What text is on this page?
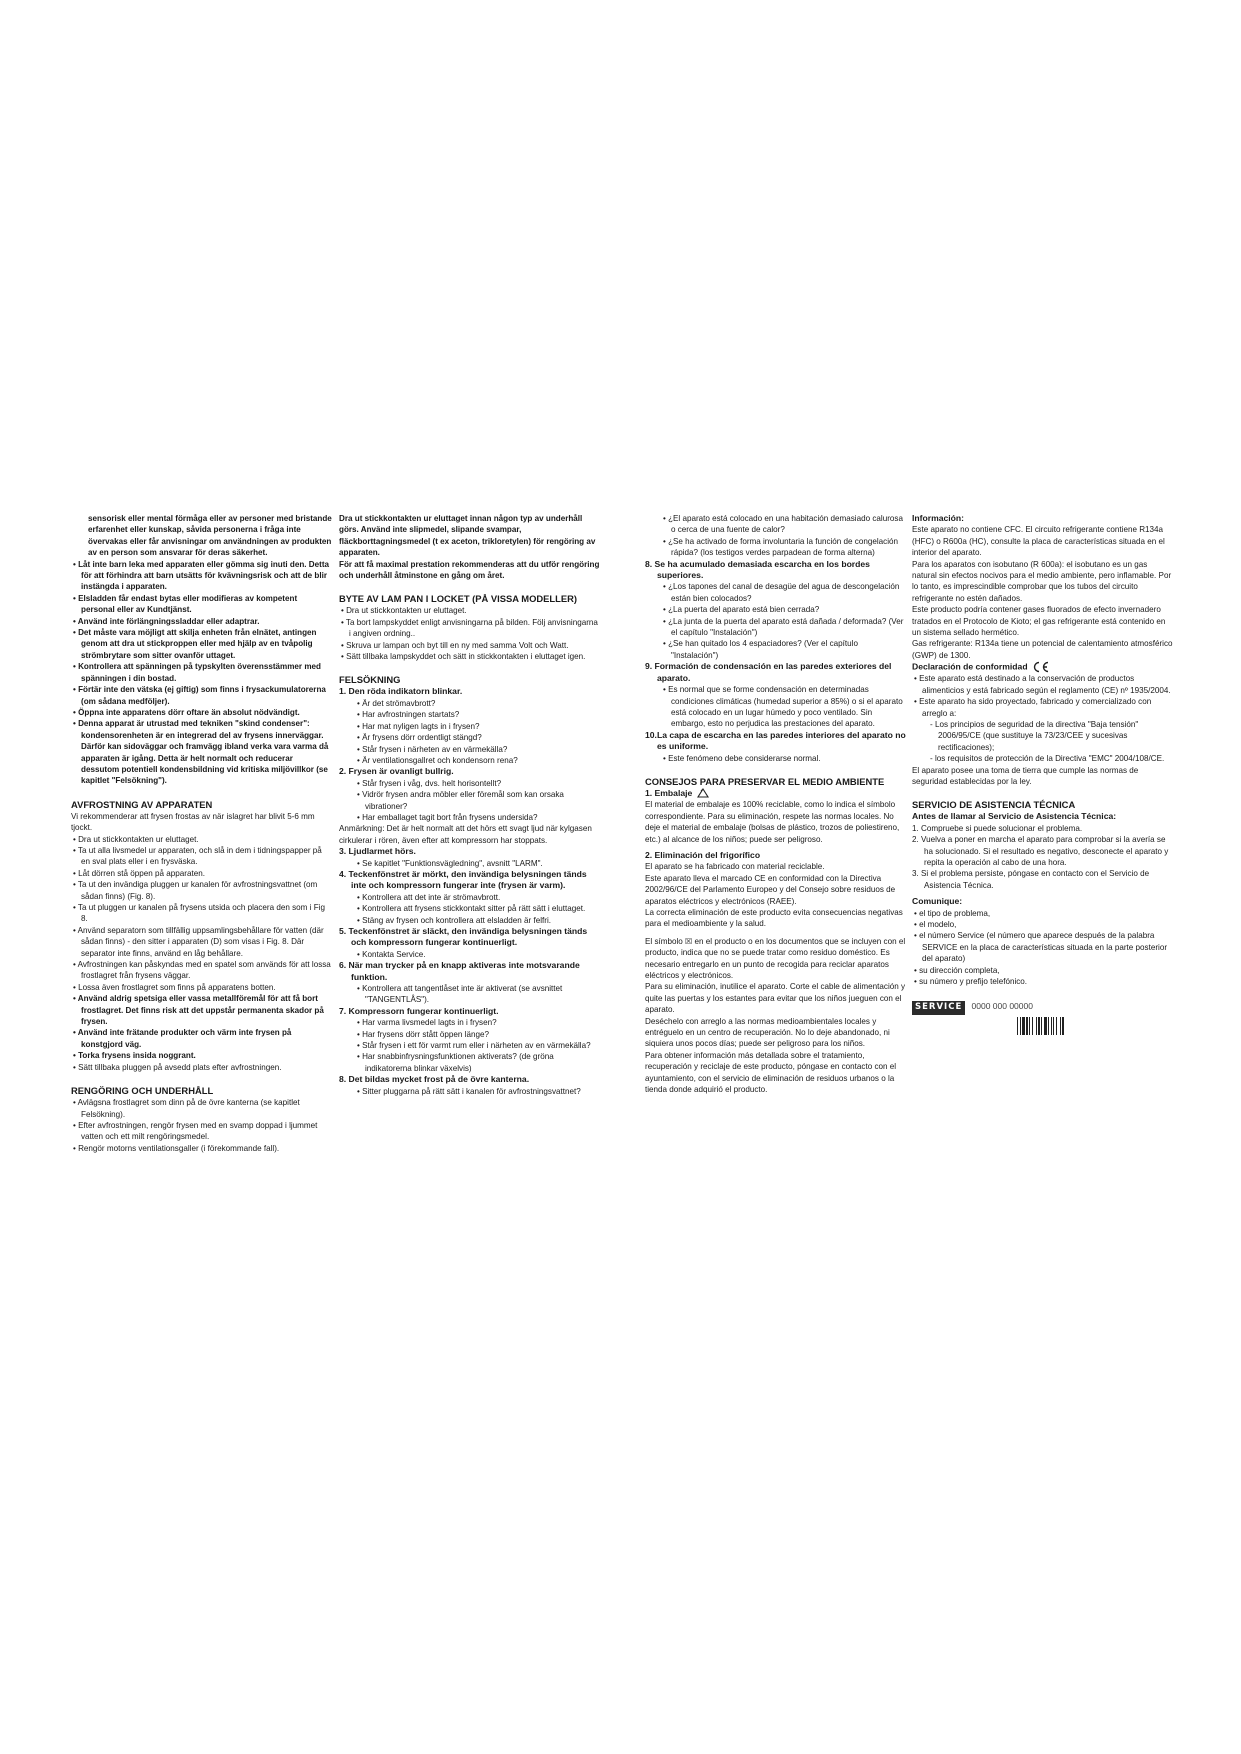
sensorisk eller mental förmåga eller av personer med bristande erfarenhet eller kunskap, såvida personerna i fråga inte övervakas eller får anvisningar om användningen av produkten av en person som ansvarar för deras säkerhet.

• Låt inte barn leka med apparaten eller gömma sig inuti den. Detta för att förhindra att barn utsätts för kvävningsrisk och att de blir instängda i apparaten.

• Elsladden får endast bytas eller modifieras av kompetent personal eller av Kundtjänst.

• Använd inte förlängningssladdar eller adaptrar.

• Det måste vara möjligt att skilja enheten från elnätet, antingen genom att dra ut stickproppen eller med hjälp av en tvåpolig strömbrytare som sitter ovanför uttaget.

• Kontrollera att spänningen på typskylten överensstämmer med spänningen i din bostad.

• Förtär inte den vätska (ej giftig) som finns i frysackumulatorerna (om sådana medföljer).

• Öppna inte apparatens dörr oftare än absolut nödvändigt.

• Denna apparat är utrustad med tekniken "skind condenser": kondensorenheten är en integrerad del av frysens innerväggar. Därför kan sidoväggar och framvägg ibland verka vara varma då apparaten är igång. Detta är helt normalt och reducerar dessutom potentiell kondensbildning vid kritiska miljövillkor (se kapitlet "Felsökning").

AVFROSTNING AV APPARATEN

Vi rekommenderar att frysen frostas av när islagret har blivit 5-6 mm tjockt.

• Dra ut stickkontakten ur eluttaget.

• Ta ut alla livsmedel ur apparaten, och slå in dem i tidningspapper på en sval plats eller i en frysväska.

• Låt dörren stå öppen på apparaten.

• Ta ut den invändiga pluggen ur kanalen för avfrostningsvattnet (om sådan finns) (Fig. 8).

• Ta ut pluggen ur kanalen på frysens utsida och placera den som i Fig 8.

• Använd separatorn som tillfällig uppsamlingsbehållare för vatten (där sådan finns) - den sitter i apparaten (D) som visas i Fig. 8. Där separator inte finns, använd en låg behållare.

• Avfrostningen kan påskyndas med en spatel som används för att lossa frostlagret från frysens väggar.

• Lossa även frostlagret som finns på apparatens botten.

• Använd aldrig spetsiga eller vassa metallföremål för att få bort frostlagret. Det finns risk att det uppstår permanenta skador på frysen.

• Använd inte frätande produkter och värm inte frysen på konstgjord väg.

• Torka frysens insida noggrant.

• Sätt tillbaka pluggen på avsedd plats efter avfrostningen.

RENGÖRING OCH UNDERHÅLL

• Avlägsna frostlagret som dinn på de övre kanterna (se kapitlet Felsökning).

• Efter avfrostningen, rengör frysen med en svamp doppad i ljummet vatten och ett milt rengöringsmedel.

• Rengör motorns ventilationsgaller (i förekommande fall).

Dra ut stickkontakten ur eluttaget innan någon typ av underhåll görs. Använd inte slipmedel, slipande svampar, fläckborttagningsmedel (t ex aceton, trikloretylen) för rengöring av apparaten.

För att få maximal prestation rekommenderas att du utför rengöring och underhåll åtminstone en gång om året.

BYTE AV LAM PAN I LOCKET (PÅ VISSA MODELLER)

• Dra ut stickkontakten ur eluttaget.

• Ta bort lampskyddet enligt anvisningarna på bilden. Följ anvisningarna i angiven ordning..

• Skruva ur lampan och byt till en ny med samma Volt och Watt.

• Sätt tillbaka lampskyddet och sätt in stickkontakten i eluttaget igen.

FELSÖKNING

1. Den röda indikatorn blinkar.

• Är det strömavbrott?

• Har avfrostningen startats?

• Har mat nyligen lagts in i frysen?

• Är frysens dörr ordentligt stängd?

• Står frysen i närheten av en värmekälla?

• Är ventilationsgallret och kondensorn rena?

2. Frysen är ovanligt bullrig.

• Står frysen i våg, dvs. helt horisontellt?

• Vidrör frysen andra möbler eller föremål som kan orsaka vibrationer?

• Har emballaget tagit bort från frysens undersida?

Anmärkning: Det är helt normalt att det hörs ett svagt ljud när kylgasen cirkulerar i rören, även efter att kompressorn har stoppats.

3. Ljudlarmet hörs.

• Se kapitlet "Funktionsvägledning", avsnitt "LARM".

4. Teckenfönstret är mörkt, den invändiga belysningen tänds inte och kompressorn fungerar inte (frysen är varm).

• Kontrollera att det inte är strömavbrott.

• Kontrollera att frysens stickkontakt sitter på rätt sätt i eluttaget.

• Stäng av frysen och kontrollera att elsladden är felfri.

5. Teckenfönstret är släckt, den invändiga belysningen tänds och kompressorn fungerar kontinuerligt.

• Kontakta Service.

6. När man trycker på en knapp aktiveras inte motsvarande funktion.

• Kontrollera att tangentlåset inte är aktiverat (se avsnittet "TANGENTLÅS").

7. Kompressorn fungerar kontinuerligt.

• Har varma livsmedel lagts in i frysen?

• Har frysens dörr stått öppen länge?

• Står frysen i ett för varmt rum eller i närheten av en värmekälla?

• Har snabbinfrysningsfunktionen aktiverats? (de gröna indikatorerna blinkar växelvis)

8. Det bildas mycket frost på de övre kanterna.

• Sitter pluggarna på rätt sätt i kanalen för avfrostningsvattnet?

• ¿El aparato está colocado en una habitación demasiado calurosa o cerca de una fuente de calor?

• ¿Se ha activado de forma involuntaria la función de congelación rápida? (los testigos verdes parpadean de forma alterna)

8. Se ha acumulado demasiada escarcha en los bordes superiores.

• ¿Los tapones del canal de desagüe del agua de descongelación están bien colocados?

• ¿La puerta del aparato está bien cerrada?

• ¿La junta de la puerta del aparato está dañada / deformada? (Ver el capítulo "Instalación")

• ¿Se han quitado los 4 espaciadores? (Ver el capítulo "Instalación")

9. Formación de condensación en las paredes exteriores del aparato.

• Es normal que se forme condensación en determinadas condiciones climáticas (humedad superior a 85%) o si el aparato está colocado en un lugar húmedo y poco ventilado. Sin embargo, esto no perjudica las prestaciones del aparato.

10.La capa de escarcha en las paredes interiores del aparato no es uniforme.

• Este fenómeno debe considerarse normal.

CONSEJOS PARA PRESERVAR EL MEDIO AMBIENTE

1. Embalaje

El material de embalaje es 100% reciclable, como lo indica el símbolo correspondiente. Para su eliminación, respete las normas locales. No deje el material de embalaje (bolsas de plástico, trozos de poliestireno, etc.) al alcance de los niños; puede ser peligroso.

2. Eliminación del frigorífico

El aparato se ha fabricado con material reciclable.

Este aparato lleva el marcado CE en conformidad con la Directiva 2002/96/CE del Parlamento Europeo y del Consejo sobre residuos de aparatos eléctricos y electrónicos (RAEE).

La correcta eliminación de este producto evita consecuencias negativas para el medioambiente y la salud.

El símbolo ☒ en el producto o en los documentos que se incluyen con el producto, indica que no se puede tratar como residuo doméstico. Es necesario entregarlo en un punto de recogida para reciclar aparatos eléctricos y electrónicos.

Para su eliminación, inutilice el aparato. Corte el cable de alimentación y quite las puertas y los estantes para evitar que los niños jueguen con el aparato.

Deséchelo con arreglo a las normas medioambientales locales y entréguelo en un centro de recuperación. No lo deje abandonado, ni siquiera unos pocos días; puede ser peligroso para los niños.

Para obtener información más detallada sobre el tratamiento, recuperación y reciclaje de este producto, póngase en contacto con el ayuntamiento, con el servicio de eliminación de residuos urbanos o la tienda donde adquirió el producto.

Información:

Este aparato no contiene CFC. El circuito refrigerante contiene R134a (HFC) o R600a (HC), consulte la placa de características situada en el interior del aparato.

Para los aparatos con isobutano (R 600a): el isobutano es un gas natural sin efectos nocivos para el medio ambiente, pero inflamable. Por lo tanto, es imprescindible comprobar que los tubos del circuito refrigerante no estén dañados.

Este producto podría contener gases fluorados de efecto invernadero tratados en el Protocolo de Kioto; el gas refrigerante está contenido en un sistema sellado hermético.

Gas refrigerante: R134a tiene un potencial de calentamiento atmosférico (GWP) de 1300.

Declaración de conformidad

• Este aparato está destinado a la conservación de productos alimenticios y está fabricado según el reglamento (CE) nº 1935/2004.

• Este aparato ha sido proyectado, fabricado y comercializado con arreglo a:

- Los principios de seguridad de la directiva "Baja tensión" 2006/95/CE (que sustituye la 73/23/CEE y sucesivas rectificaciones);

- los requisitos de protección de la Directiva "EMC" 2004/108/CE.

El aparato posee una toma de tierra que cumple las normas de seguridad establecidas por la ley.

SERVICIO DE ASISTENCIA TÉCNICA

Antes de llamar al Servicio de Asistencia Técnica:

1. Compruebe si puede solucionar el problema.

2. Vuelva a poner en marcha el aparato para comprobar si la avería se ha solucionado. Si el resultado es negativo, desconecte el aparato y repita la operación al cabo de una hora.

3. Si el problema persiste, póngase en contacto con el Servicio de Asistencia Técnica.

Comunique:

• el tipo de problema,

• el modelo,

• el número Service (el número que aparece después de la palabra SERVICE en la placa de características situada en la parte posterior del aparato)

• su dirección completa,

• su número y prefijo telefónico.

SERVICE 0000 000 00000
